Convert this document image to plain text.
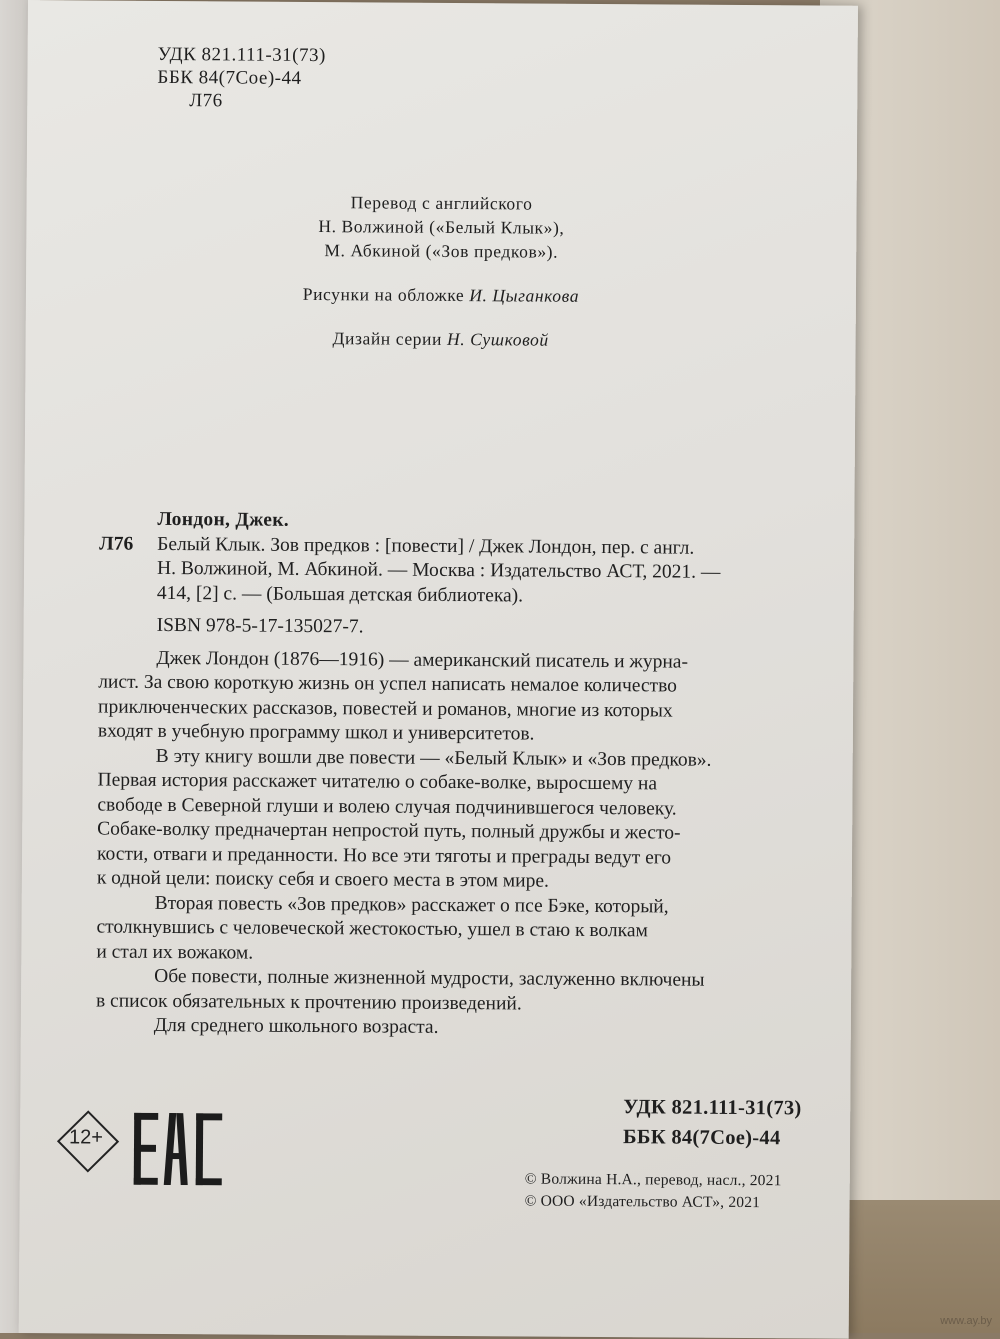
УДК 821.111-31(73)
ББК 84(7Сое)-44
Л76
Перевод с английского
Н. Волжиной («Белый Клык»),
М. Абкиной («Зов предков»).
Рисунки на обложке И. Цыганкова
Дизайн серии Н. Сушковой
Лондон, Джек.
Л76 Белый Клык. Зов предков : [повести] / Джек Лондон, пер. с англ.
Н. Волжиной, М. Абкиной. — Москва : Издательство АСТ, 2021. —
414, [2] с. — (Большая детская библиотека).
ISBN 978-5-17-135027-7.
Джек Лондон (1876—1916) — американский писатель и журна-
лист. За свою короткую жизнь он успел написать немалое количество
приключенческих рассказов, повестей и романов, многие из которых
входят в учебную программу школ и университетов.
В эту книгу вошли две повести — «Белый Клык» и «Зов предков».
Первая история расскажет читателю о собаке-волке, выросшему на
свободе в Северной глуши и волею случая подчинившегося человеку.
Собаке-волку предначертан непростой путь, полный дружбы и жесто-
кости, отваги и преданности. Но все эти тяготы и преграды ведут его
к одной цели: поиску себя и своего места в этом мире.
Вторая повесть «Зов предков» расскажет о псе Бэке, который,
столкнувшись с человеческой жестокостью, ушел в стаю к волкам
и стал их вожаком.
Обе повести, полные жизненной мудрости, заслуженно включены
в список обязательных к прочтению произведений.
Для среднего школьного возраста.
УДК 821.111-31(73)
ББК 84(7Сое)-44
12+
© Волжина Н.А., перевод, насл., 2021
© ООО «Издательство АСТ», 2021
www.ay.by
